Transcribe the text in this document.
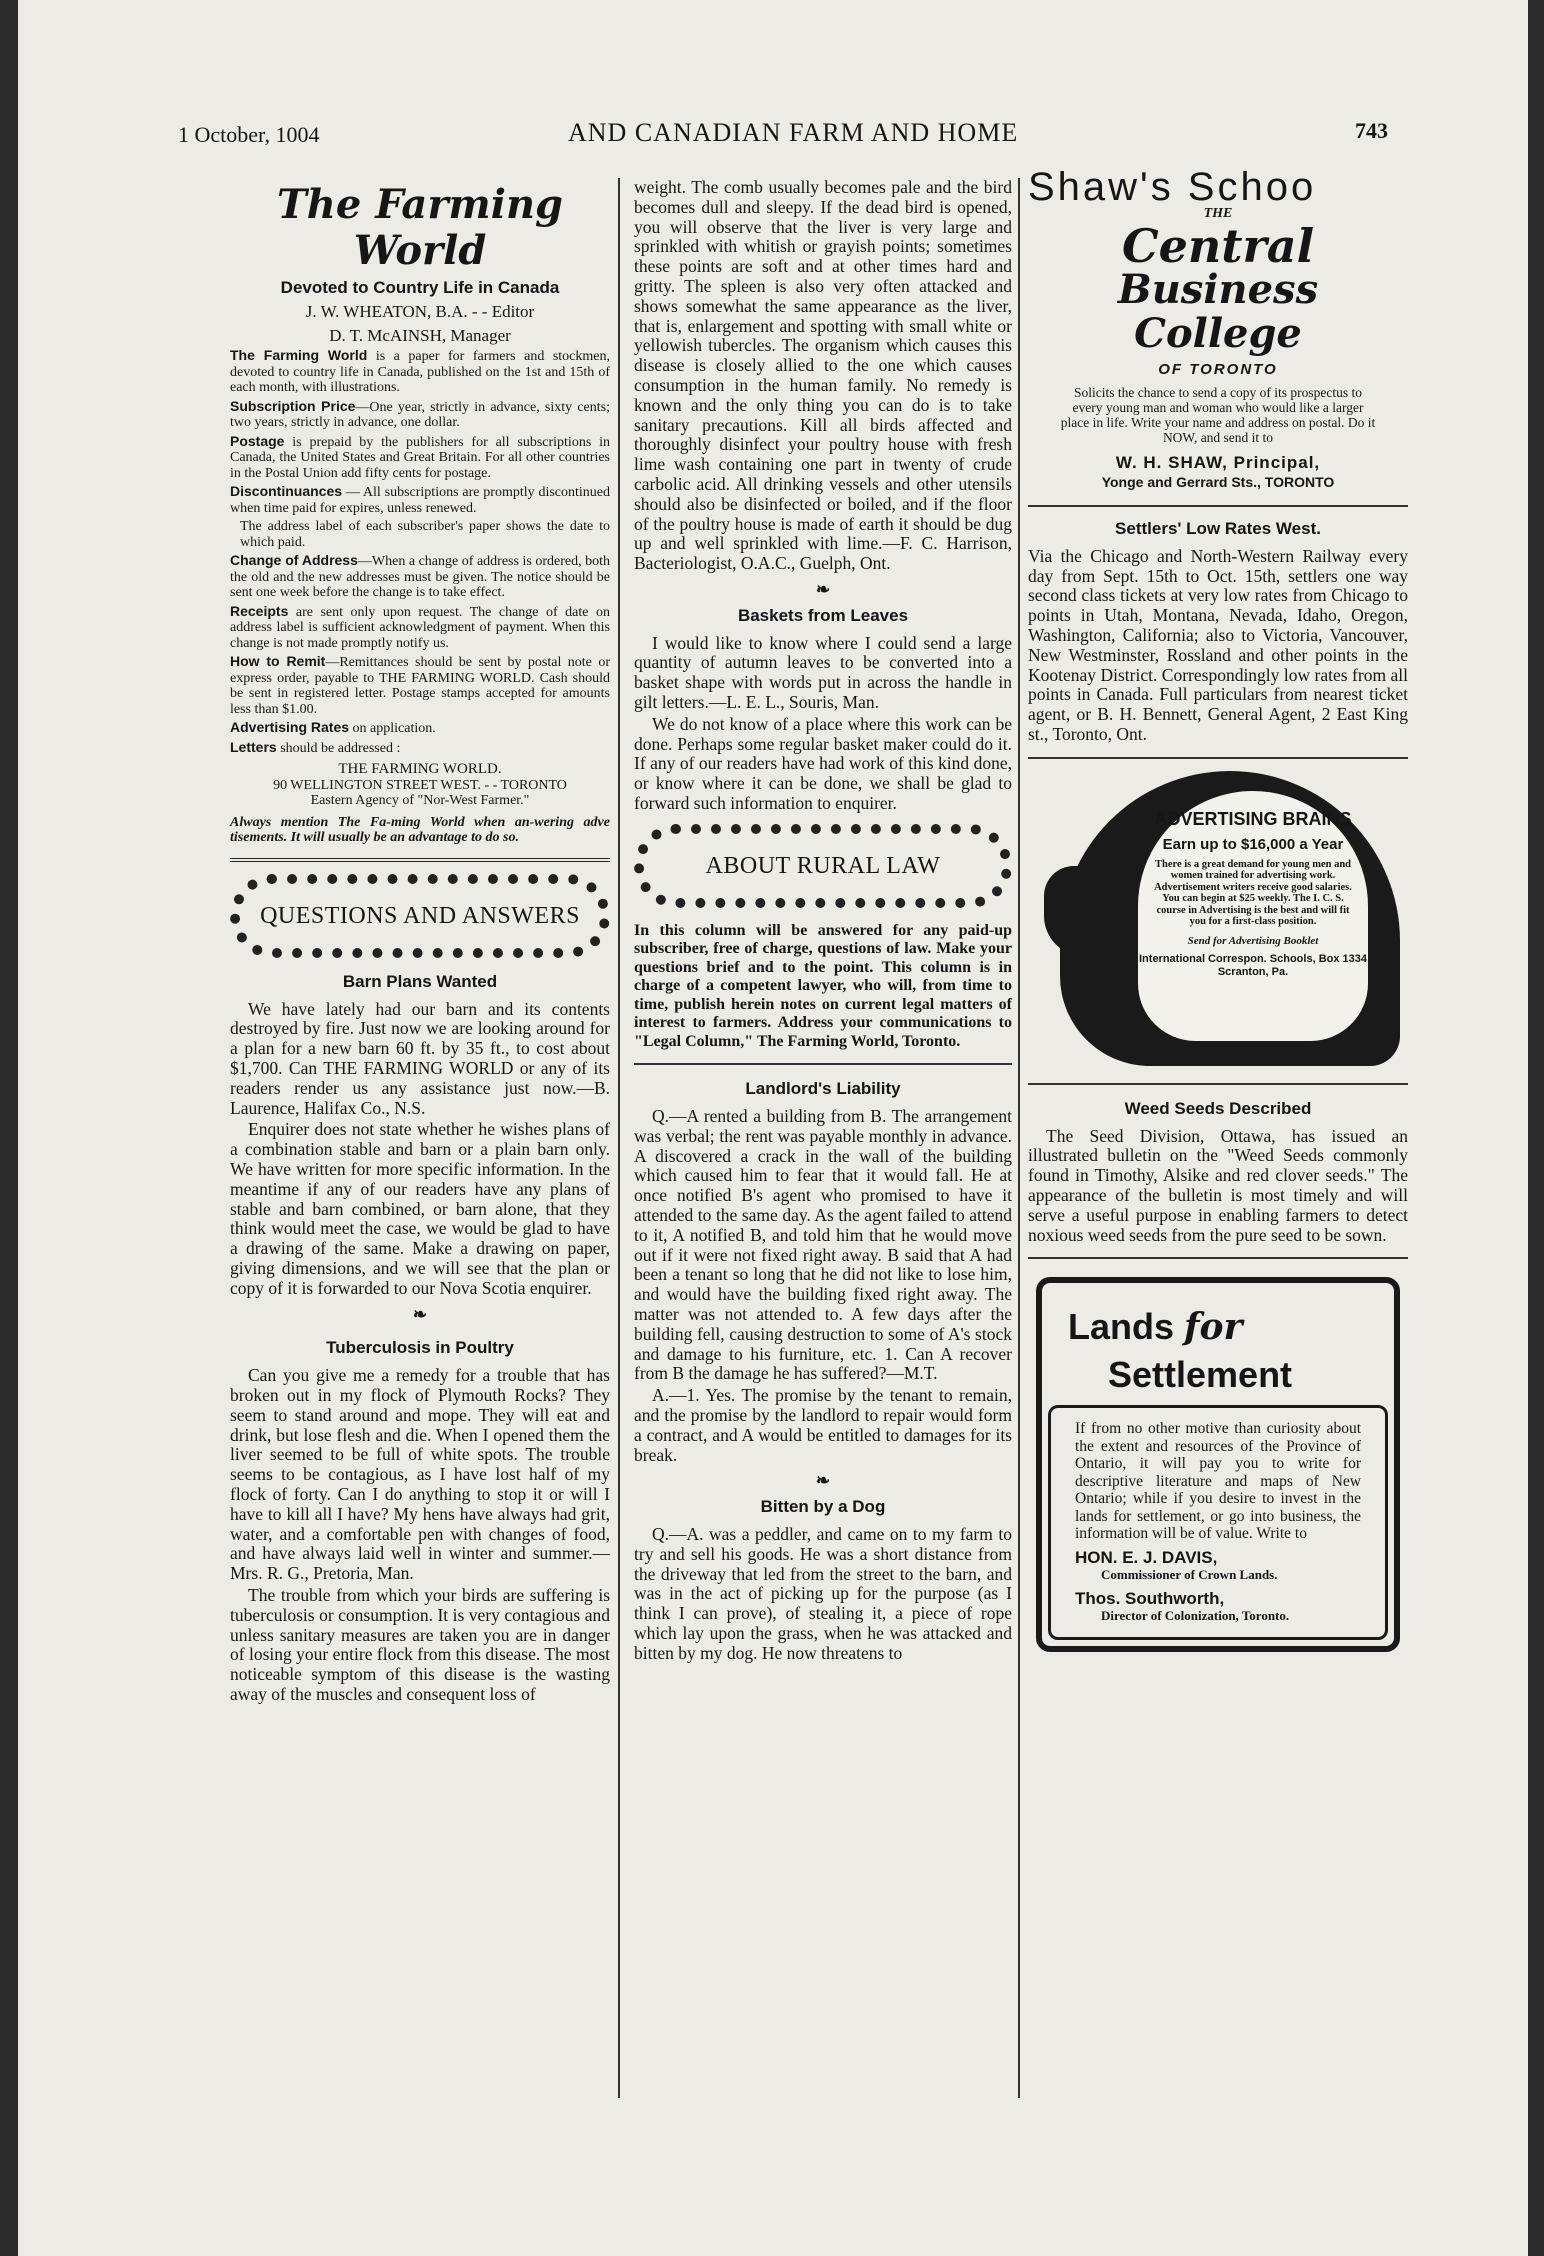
1 October, 1004	AND CANADIAN FARM AND HOME	743
The Farming World
Devoted to Country Life in Canada
J. W. WHEATON, B.A. - - Editor
D. T. McAINSH, Manager
The Farming World is a paper for farmers and stockmen, devoted to country life in Canada, published on the 1st and 15th of each month, with illustrations.
Subscription Price—One year, strictly in advance, sixty cents; two years, strictly in advance, one dollar.
Postage is prepaid by the publishers for all subscriptions in Canada, the United States and Great Britain. For all other countries in the Postal Union add fifty cents for postage.
Discontinuances — All subscriptions are promptly discontinued when time paid for expires, unless renewed.
The address label of each subscriber's paper shows the date to which paid.
Change of Address—When a change of address is ordered, both the old and the new addresses must be given. The notice should be sent one week before the change is to take effect.
Receipts are sent only upon request. The change of date on address label is sufficient acknowledgment of payment. When this change is not made promptly notify us.
How to Remit—Remittances should be sent by postal note or express order, payable to THE FARMING WORLD. Cash should be sent in registered letter. Postage stamps accepted for amounts less than $1.00.
Advertising Rates on application.
Letters should be addressed :
THE FARMING WORLD.
90 WELLINGTON STREET WEST. - - TORONTO
Eastern Agency of "Nor-West Farmer."
Always mention The Fa-ming World when an-wering adve tisements. It will usually be an advantage to do so.
QUESTIONS AND ANSWERS
Barn Plans Wanted

We have lately had our barn and its contents destroyed by fire. Just now we are looking around for a plan for a new barn 60 ft. by 35 ft., to cost about $1,700. Can THE FARMING WORLD or any of its readers render us any assistance just now.—B. Laurence, Halifax Co., N.S.

Enquirer does not state whether he wishes plans of a combination stable and barn or a plain barn only. We have written for more specific information. In the meantime if any of our readers have any plans of stable and barn combined, or barn alone, that they think would meet the case, we would be glad to have a drawing of the same. Make a drawing on paper, giving dimensions, and we will see that the plan or copy of it is forwarded to our Nova Scotia enquirer.

❧
Tuberculosis in Poultry

Can you give me a remedy for a trouble that has broken out in my flock of Plymouth Rocks? They seem to stand around and mope. They will eat and drink, but lose flesh and die. When I opened them the liver seemed to be full of white spots. The trouble seems to be contagious, as I have lost half of my flock of forty. Can I do anything to stop it or will I have to kill all I have? My hens have always had grit, water, and a comfortable pen with changes of food, and have always laid well in winter and summer.—Mrs. R. G., Pretoria, Man.

The trouble from which your birds are suffering is tuberculosis or consumption. It is very contagious and unless sanitary measures are taken you are in danger of losing your entire flock from this disease. The most noticeable symptom of this disease is the wasting away of the muscles and consequent loss of

weight. The comb usually becomes pale and the bird becomes dull and sleepy. If the dead bird is opened, you will observe that the liver is very large and sprinkled with whitish or grayish points; sometimes these points are soft and at other times hard and gritty. The spleen is also very often attacked and shows somewhat the same appearance as the liver, that is, enlargement and spotting with small white or yellowish tubercles. The organism which causes this disease is closely allied to the one which causes consumption in the human family. No remedy is known and the only thing you can do is to take sanitary precautions. Kill all birds affected and thoroughly disinfect your poultry house with fresh lime wash containing one part in twenty of crude carbolic acid. All drinking vessels and other utensils should also be disinfected or boiled, and if the floor of the poultry house is made of earth it should be dug up and well sprinkled with lime.—F. C. Harrison, Bacteriologist, O.A.C., Guelph, Ont.

❧
Baskets from Leaves

I would like to know where I could send a large quantity of autumn leaves to be converted into a basket shape with words put in across the handle in gilt letters.—L. E. L., Souris, Man.

We do not know of a place where this work can be done. Perhaps some regular basket maker could do it. If any of our readers have had work of this kind done, or know where it can be done, we shall be glad to forward such information to enquirer.

ABOUT RURAL LAW

In this column will be answered for any paid-up subscriber, free of charge, questions of law. Make your questions brief and to the point. This column is in charge of a competent lawyer, who will, from time to time, publish herein notes on current legal matters of interest to farmers. Address your communications to "Legal Column," The Farming World, Toronto.

Landlord's Liability

Q.—A rented a building from B. The arrangement was verbal; the rent was payable monthly in advance. A discovered a crack in the wall of the building which caused him to fear that it would fall. He at once notified B's agent who promised to have it attended to the same day. As the agent failed to attend to it, A notified B, and told him that he would move out if it were not fixed right away. B said that A had been a tenant so long that he did not like to lose him, and would have the building fixed right away. The matter was not attended to. A few days after the building fell, causing destruction to some of A's stock and damage to his furniture, etc. 1. Can A recover from B the damage he has suffered?—M.T.

A.—1. Yes. The promise by the tenant to remain, and the promise by the landlord to repair would form a contract, and A would be entitled to damages for its break.

❧
Bitten by a Dog

Q.—A. was a peddler, and came on to my farm to try and sell his goods. He was a short distance from the driveway that led from the street to the barn, and was in the act of picking up for the purpose (as I think I can prove), of stealing it, a piece of rope which lay upon the grass, when he was attacked and bitten by my dog. He now threatens to

Shaw's Schoo
THE
Central
Business College
OF TORONTO
Solicits the chance to send a copy of its prospectus to every young man and woman who would like a larger place in life. Write your name and address on postal. Do it NOW, and send it to
W. H. SHAW, Principal,
Yonge and Gerrard Sts., TORONTO
Settlers' Low Rates West.

Via the Chicago and North-Western Railway every day from Sept. 15th to Oct. 15th, settlers one way second class tickets at very low rates from Chicago to points in Utah, Montana, Nevada, Idaho, Oregon, Washington, California; also to Victoria, Vancouver, New Westminster, Rossland and other points in the Kootenay District. Correspondingly low rates from all points in Canada. Full particulars from nearest ticket agent, or B. H. Bennett, General Agent, 2 East King st., Toronto, Ont.

ADVERTISING BRAINS
Earn up to $16,000 a Year
There is a great demand for young men and women trained for advertising work. Advertisement writers receive good salaries. You can begin at $25 weekly. The I. C. S. course in Advertising is the best and will fit you for a first-class position.
Send for Advertising Booklet
International Correspon. Schools, Box 1334 Scranton, Pa.
Weed Seeds Described

The Seed Division, Ottawa, has issued an illustrated bulletin on the "Weed Seeds commonly found in Timothy, Alsike and red clover seeds." The appearance of the bulletin is most timely and will serve a useful purpose in enabling farmers to detect noxious weed seeds from the pure seed to be sown.

Lands for
Settlement
If from no other motive than curiosity about the extent and resources of the Province of Ontario, it will pay you to write for descriptive literature and maps of New Ontario; while if you desire to invest in the lands for settlement, or go into business, the information will be of value. Write to
HON. E. J. DAVIS,
Commissioner of Crown Lands.
Thos. Southworth,
Director of Colonization, Toronto.
